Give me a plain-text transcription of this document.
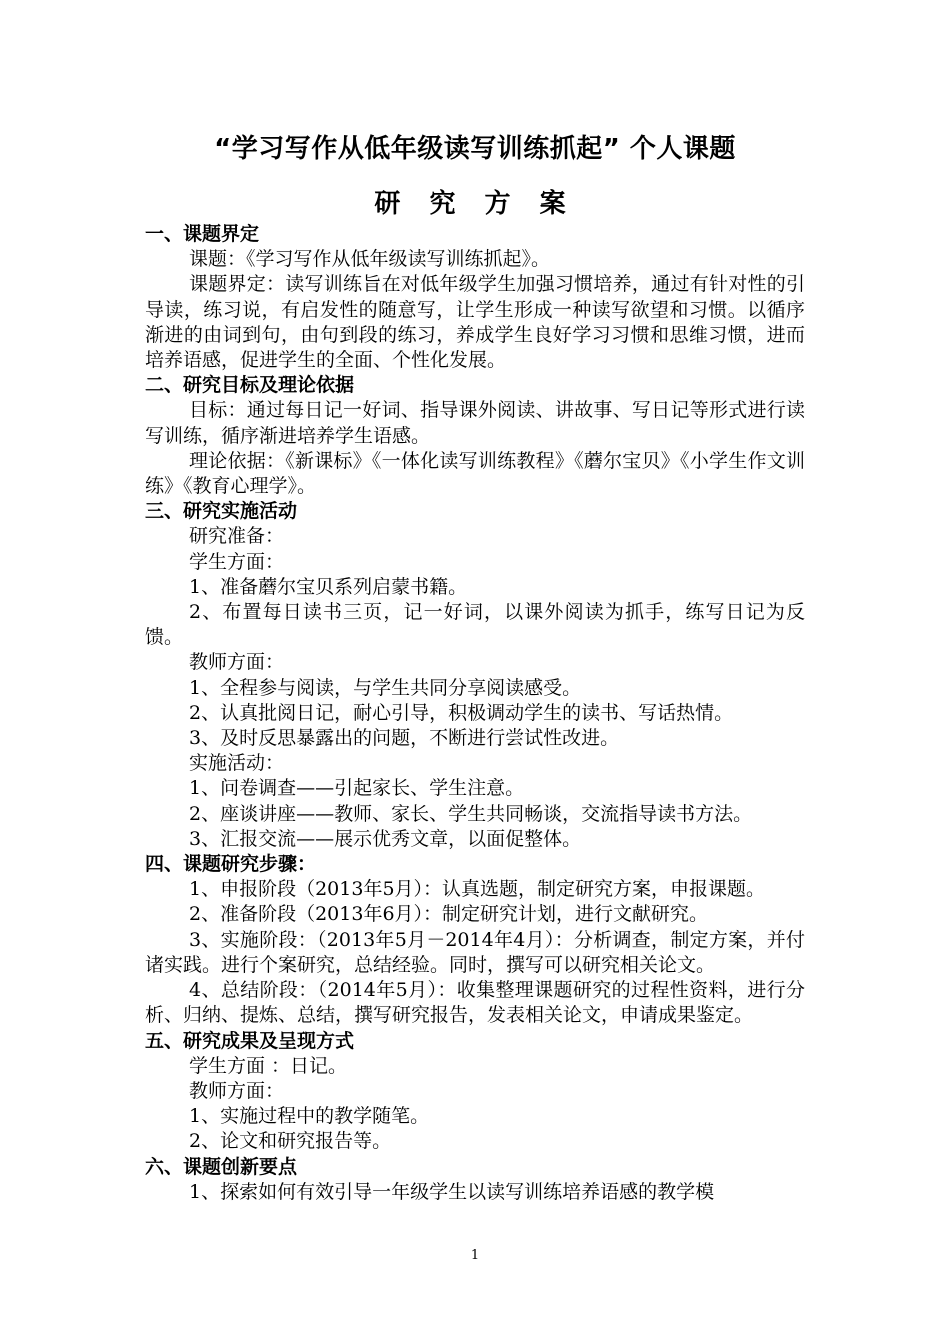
“学习写作从低年级读写训练抓起” 个人课题
研 究 方 案

一、课题界定

课题：《学习写作从低年级读写训练抓起》。

课题界定：读写训练旨在对低年级学生加强习惯培养，通过有针对性的引导读，练习说，有启发性的随意写，让学生形成一种读写欲望和习惯。以循序渐进的由词到句，由句到段的练习，养成学生良好学习习惯和思维习惯，进而培养语感，促进学生的全面、个性化发展。

二、研究目标及理论依据

目标：通过每日记一好词、指导课外阅读、讲故事、写日记等形式进行读写训练，循序渐进培养学生语感。

理论依据：《新课标》《一体化读写训练教程》《蘑尔宝贝》《小学生作文训练》《教育心理学》。

三、研究实施活动

研究准备：

学生方面：

1、准备蘑尔宝贝系列启蒙书籍。

2、布置每日读书三页，记一好词，以课外阅读为抓手，练写日记为反馈。

教师方面：

1、全程参与阅读，与学生共同分享阅读感受。

2、认真批阅日记，耐心引导，积极调动学生的读书、写话热情。

3、及时反思暴露出的问题，不断进行尝试性改进。

实施活动：

1、问卷调查——引起家长、学生注意。

2、座谈讲座——教师、家长、学生共同畅谈，交流指导读书方法。

3、汇报交流——展示优秀文章，以面促整体。

四、课题研究步骤：

1、申报阶段（2013年5月）：认真选题，制定研究方案，申报课题。

2、准备阶段（2013年6月）：制定研究计划，进行文献研究。

3、实施阶段：（2013年5月－2014年4月）：分析调查，制定方案，并付诸实践。进行个案研究，总结经验。同时，撰写可以研究相关论文。

4、总结阶段：（2014年5月）：收集整理课题研究的过程性资料，进行分析、归纳、提炼、总结，撰写研究报告，发表相关论文，申请成果鉴定。

五、研究成果及呈现方式

学生方面 ：日记。

教师方面：

1、实施过程中的教学随笔。

2、论文和研究报告等。

六、课题创新要点

1、探索如何有效引导一年级学生以读写训练培养语感的教学模

1
